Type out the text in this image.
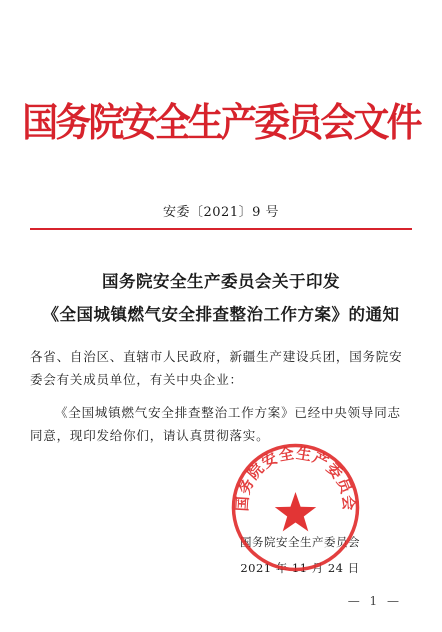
国务院安全生产委员会文件
安委〔2021〕9 号
国务院安全生产委员会关于印发
《全国城镇燃气安全排查整治工作方案》的通知
各省、自治区、直辖市人民政府，新疆生产建设兵团，国务院安委会有关成员单位，有关中央企业：
《全国城镇燃气安全排查整治工作方案》已经中央领导同志同意，现印发给你们，请认真贯彻落实。
国务院安全生产委员会
2021 年 11 月 24 日
国务院安全生产委员会
— 1 —
